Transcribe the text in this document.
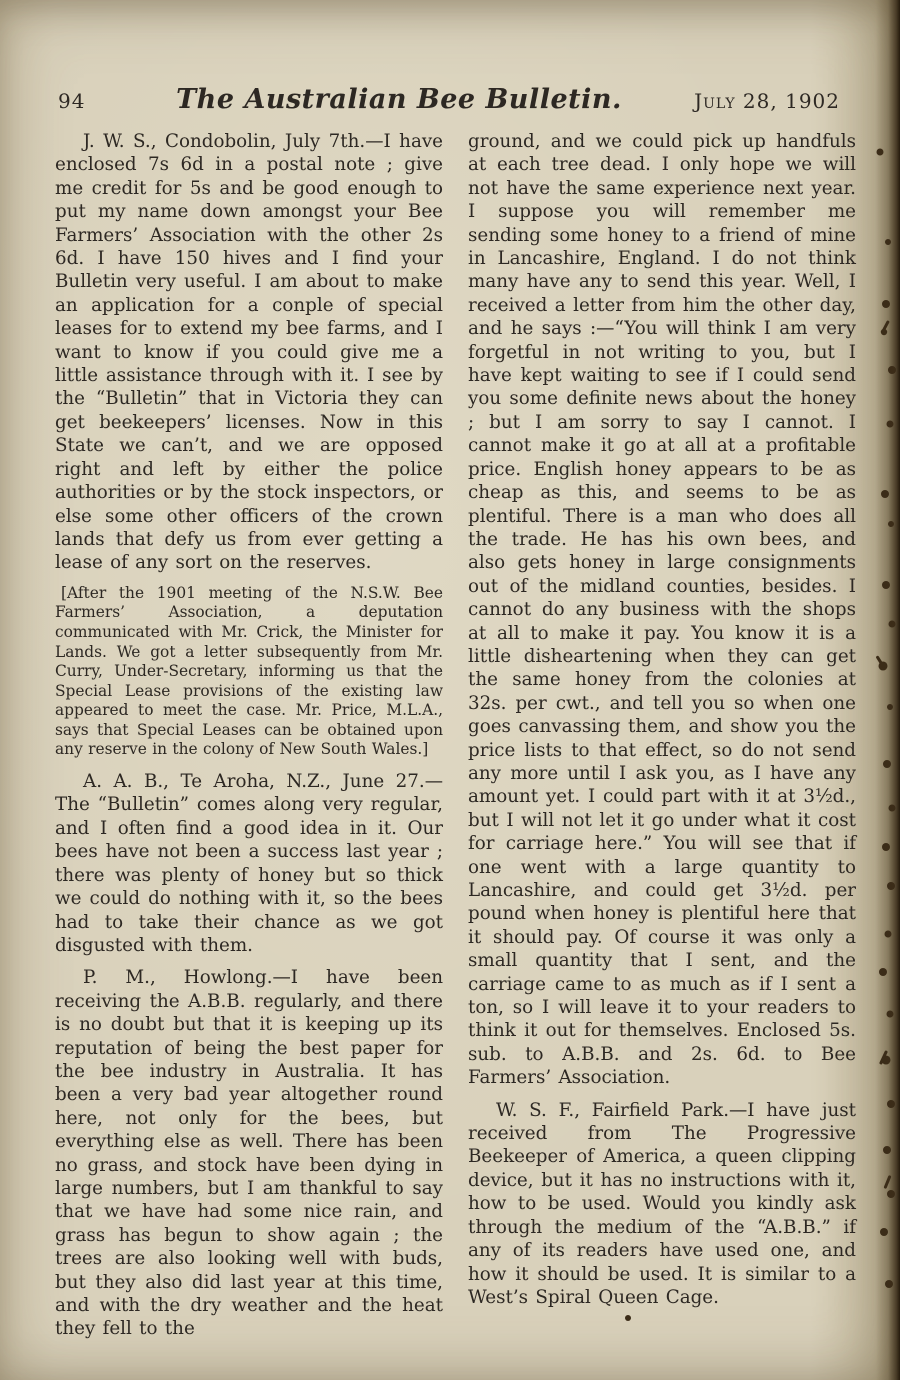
94	The Australian Bee Bulletin.	July 28, 1902

J. W. S., Condobolin, July 7th.—I have enclosed 7s 6d in a postal note ; give me credit for 5s and be good enough to put my name down amongst your Bee Farmers’ Association with the other 2s 6d. I have 150 hives and I find your Bulletin very useful. I am about to make an application for a conple of special leases for to extend my bee farms, and I want to know if you could give me a little assistance through with it. I see by the “Bulletin” that in Victoria they can get beekeepers’ licenses. Now in this State we can’t, and we are opposed right and left by either the police authorities or by the stock inspectors, or else some other officers of the crown lands that defy us from ever getting a lease of any sort on the reserves.

[After the 1901 meeting of the N.S.W. Bee Farmers’ Association, a deputation communicated with Mr. Crick, the Minister for Lands. We got a letter subsequently from Mr. Curry, Under-Secretary, informing us that the Special Lease provisions of the existing law appeared to meet the case. Mr. Price, M.L.A., says that Special Leases can be obtained upon any reserve in the colony of New South Wales.]

A. A. B., Te Aroha, N.Z., June 27.—The “Bulletin” comes along very regular, and I often find a good idea in it. Our bees have not been a success last year ; there was plenty of honey but so thick we could do nothing with it, so the bees had to take their chance as we got disgusted with them.

P. M., Howlong.—I have been receiving the A.B.B. regularly, and there is no doubt but that it is keeping up its reputation of being the best paper for the bee industry in Australia. It has been a very bad year altogether round here, not only for the bees, but everything else as well. There has been no grass, and stock have been dying in large numbers, but I am thankful to say that we have had some nice rain, and grass has begun to show again ; the trees are also looking well with buds, but they also did last year at this time, and with the dry weather and the heat they fell to the

ground, and we could pick up handfuls at each tree dead. I only hope we will not have the same experience next year. I suppose you will remember me sending some honey to a friend of mine in Lancashire, England. I do not think many have any to send this year. Well, I received a letter from him the other day, and he says :—“You will think I am very forgetful in not writing to you, but I have kept waiting to see if I could send you some definite news about the honey ; but I am sorry to say I cannot. I cannot make it go at all at a profitable price. English honey appears to be as cheap as this, and seems to be as plentiful. There is a man who does all the trade. He has his own bees, and also gets honey in large consignments out of the midland counties, besides. I cannot do any business with the shops at all to make it pay. You know it is a little disheartening when they can get the same honey from the colonies at 32s. per cwt., and tell you so when one goes canvassing them, and show you the price lists to that effect, so do not send any more until I ask you, as I have any amount yet. I could part with it at 3½d., but I will not let it go under what it cost for carriage here.” You will see that if one went with a large quantity to Lancashire, and could get 3½d. per pound when honey is plentiful here that it should pay. Of course it was only a small quantity that I sent, and the carriage came to as much as if I sent a ton, so I will leave it to your readers to think it out for themselves. Enclosed 5s. sub. to A.B.B. and 2s. 6d. to Bee Farmers’ Association.

W. S. F., Fairfield Park.—I have just received from The Progressive Beekeeper of America, a queen clipping device, but it has no instructions with it, how to be used. Would you kindly ask through the medium of the “A.B.B.” if any of its readers have used one, and how it should be used. It is similar to a West’s Spiral Queen Cage.
